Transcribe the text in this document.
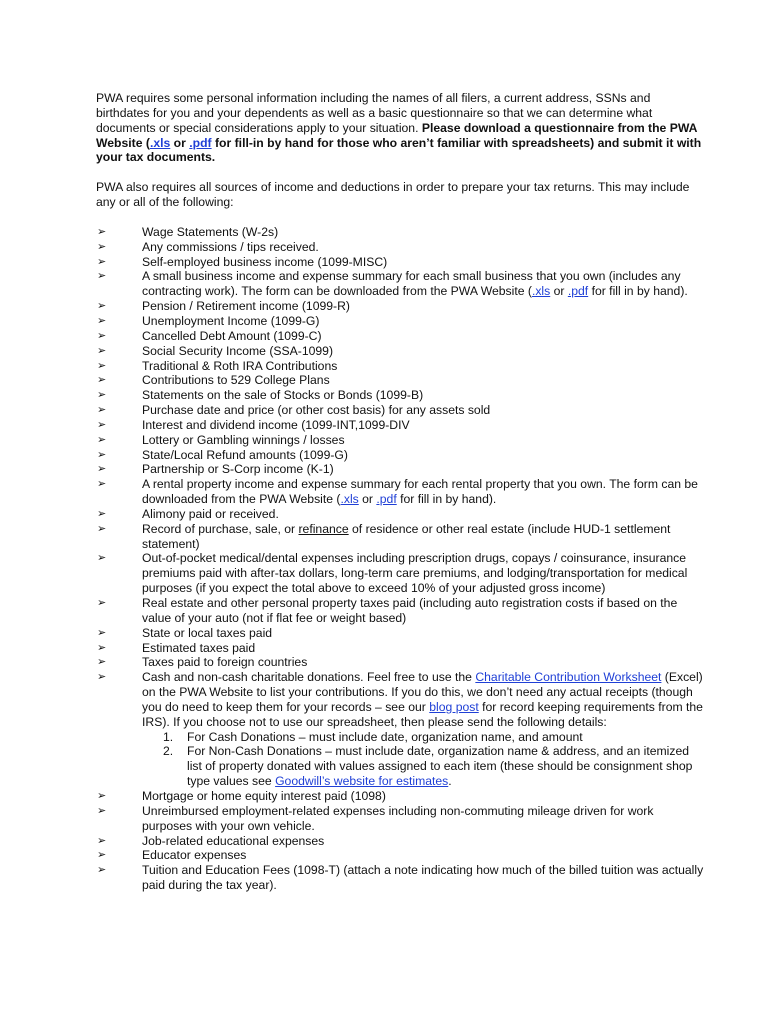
PWA requires some personal information including the names of all filers, a current address, SSNs and birthdates for you and your dependents as well as a basic questionnaire so that we can determine what documents or special considerations apply to your situation. Please download a questionnaire from the PWA Website (.xls or .pdf for fill-in by hand for those who aren’t familiar with spreadsheets) and submit it with your tax documents.

PWA also requires all sources of income and deductions in order to prepare your tax returns. This may include any or all of the following:

➢	Wage Statements (W-2s)
➢	Any commissions / tips received.
➢	Self-employed business income (1099-MISC)
➢	A small business income and expense summary for each small business that you own (includes any contracting work). The form can be downloaded from the PWA Website (.xls or .pdf for fill in by hand).
➢	Pension / Retirement income (1099-R)
➢	Unemployment Income (1099-G)
➢	Cancelled Debt Amount (1099-C)
➢	Social Security Income (SSA-1099)
➢	Traditional & Roth IRA Contributions
➢	Contributions to 529 College Plans
➢	Statements on the sale of Stocks or Bonds (1099-B)
➢	Purchase date and price (or other cost basis) for any assets sold
➢	Interest and dividend income (1099-INT,1099-DIV
➢	Lottery or Gambling winnings / losses
➢	State/Local Refund amounts (1099-G)
➢	Partnership or S-Corp income (K-1)
➢	A rental property income and expense summary for each rental property that you own. The form can be downloaded from the PWA Website (.xls or .pdf for fill in by hand).
➢	Alimony paid or received.
➢	Record of purchase, sale, or refinance of residence or other real estate (include HUD-1 settlement statement)
➢	Out-of-pocket medical/dental expenses including prescription drugs, copays / coinsurance, insurance premiums paid with after-tax dollars, long-term care premiums, and lodging/transportation for medical purposes (if you expect the total above to exceed 10% of your adjusted gross income)
➢	Real estate and other personal property taxes paid (including auto registration costs if based on the value of your auto (not if flat fee or weight based)
➢	State or local taxes paid
➢	Estimated taxes paid
➢	Taxes paid to foreign countries
➢	Cash and non-cash charitable donations. Feel free to use the Charitable Contribution Worksheet (Excel) on the PWA Website to list your contributions. If you do this, we don’t need any actual receipts (though you do need to keep them for your records – see our blog post for record keeping requirements from the IRS). If you choose not to use our spreadsheet, then please send the following details:
1. For Cash Donations – must include date, organization name, and amount
2. For Non-Cash Donations – must include date, organization name & address, and an itemized list of property donated with values assigned to each item (these should be consignment shop type values see Goodwill’s website for estimates.
➢	Mortgage or home equity interest paid (1098)
➢	Unreimbursed employment-related expenses including non-commuting mileage driven for work purposes with your own vehicle.
➢	Job-related educational expenses
➢	Educator expenses
➢	Tuition and Education Fees (1098-T) (attach a note indicating how much of the billed tuition was actually paid during the tax year).
